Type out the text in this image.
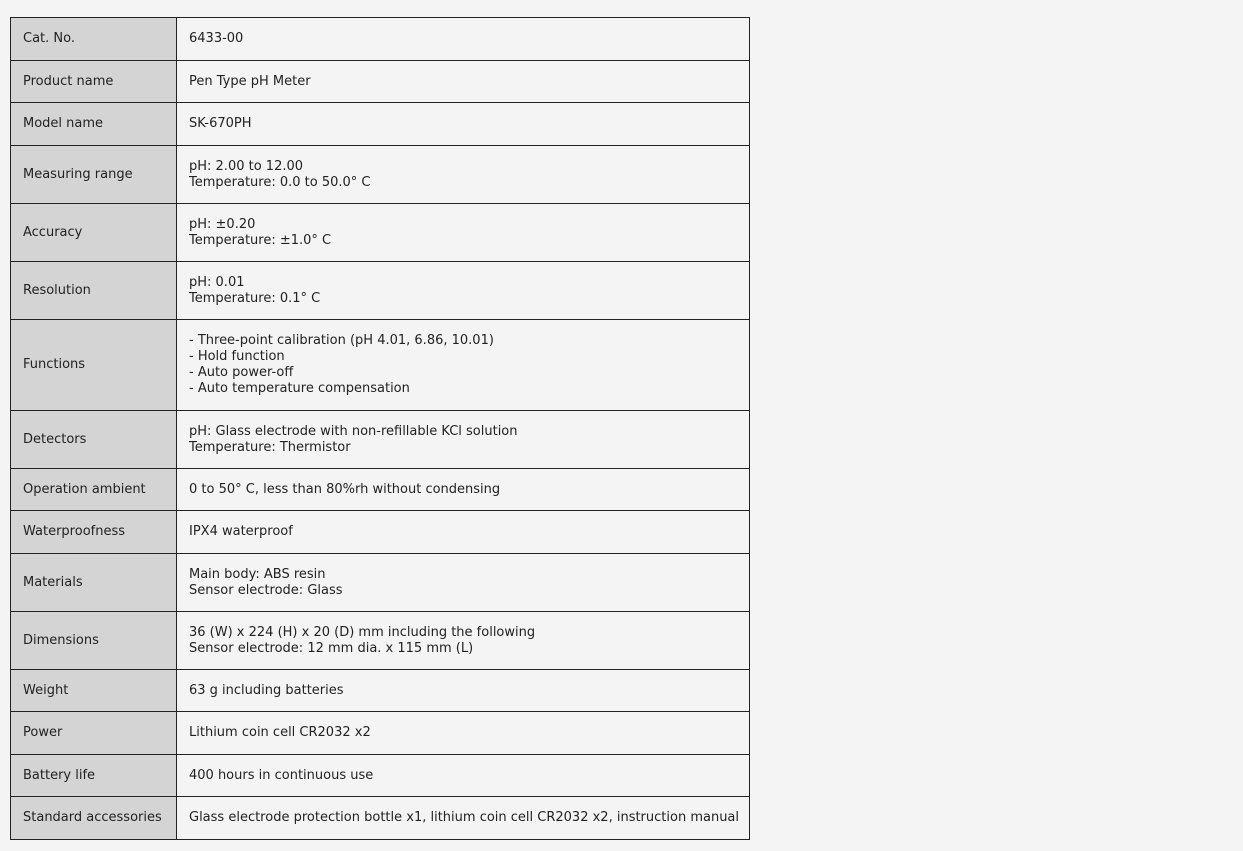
Cat. No.	6433-00

Product name	Pen Type pH Meter

Model name	SK-670PH

Measuring range	pH: 2.00 to 12.00
Temperature: 0.0 to 50.0° C

Accuracy	pH: ±0.20
Temperature: ±1.0° C

Resolution	pH: 0.01
Temperature: 0.1° C

Functions	- Three-point calibration (pH 4.01, 6.86, 10.01)
- Hold function
- Auto power-off
- Auto temperature compensation

Detectors	pH: Glass electrode with non-refillable KCl solution
Temperature: Thermistor

Operation ambient	0 to 50° C, less than 80%rh without condensing

Waterproofness	IPX4 waterproof

Materials	Main body: ABS resin
Sensor electrode: Glass

Dimensions	36 (W) x 224 (H) x 20 (D) mm including the following
Sensor electrode: 12 mm dia. x 115 mm (L)

Weight	63 g including batteries

Power	Lithium coin cell CR2032 x2

Battery life	400 hours in continuous use

Standard accessories	Glass electrode protection bottle x1, lithium coin cell CR2032 x2, instruction manual
